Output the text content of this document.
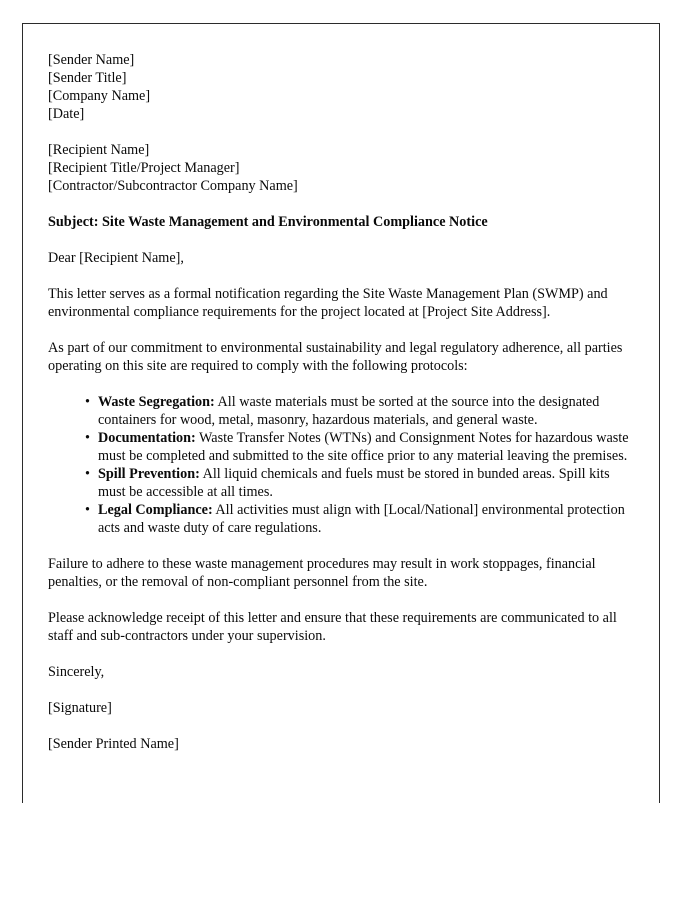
[Sender Name]
[Sender Title]
[Company Name]
[Date]
[Recipient Name]
[Recipient Title/Project Manager]
[Contractor/Subcontractor Company Name]
Subject: Site Waste Management and Environmental Compliance Notice
Dear [Recipient Name],
This letter serves as a formal notification regarding the Site Waste Management Plan (SWMP) and environmental compliance requirements for the project located at [Project Site Address].
As part of our commitment to environmental sustainability and legal regulatory adherence, all parties operating on this site are required to comply with the following protocols:
• Waste Segregation: All waste materials must be sorted at the source into the designated containers for wood, metal, masonry, hazardous materials, and general waste.
• Documentation: Waste Transfer Notes (WTNs) and Consignment Notes for hazardous waste must be completed and submitted to the site office prior to any material leaving the premises.
• Spill Prevention: All liquid chemicals and fuels must be stored in bunded areas. Spill kits must be accessible at all times.
• Legal Compliance: All activities must align with [Local/National] environmental protection acts and waste duty of care regulations.
Failure to adhere to these waste management procedures may result in work stoppages, financial penalties, or the removal of non-compliant personnel from the site.
Please acknowledge receipt of this letter and ensure that these requirements are communicated to all staff and sub-contractors under your supervision.
Sincerely,
[Signature]
[Sender Printed Name]
